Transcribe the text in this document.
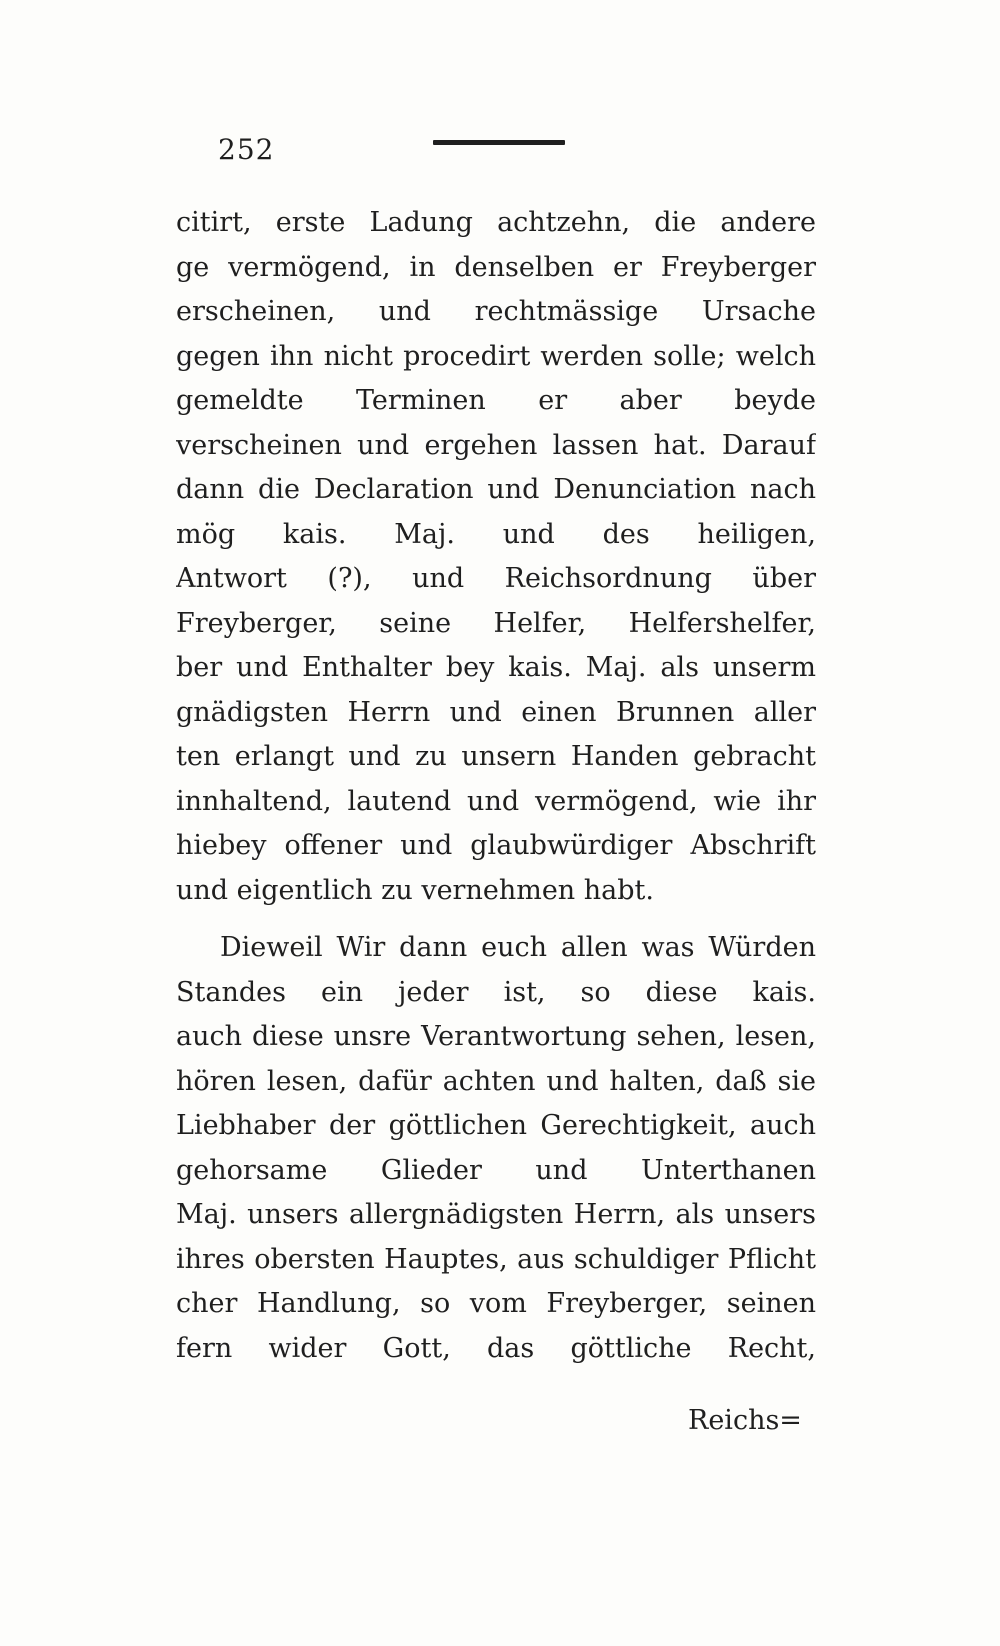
252
citirt, erste Ladung achtzehn, die andere
ge vermögend, in denselben er Freyberger
erscheinen, und rechtmässige Ursache
gegen ihn nicht procedirt werden solle; welch
gemeldte Terminen er aber beyde
verscheinen und ergehen lassen hat. Darauf
dann die Declaration und Denunciation nach
mög kais. Maj. und des heiligen,
Antwort (?), und Reichsordnung über
Freyberger, seine Helfer, Helfershelfer,
ber und Enthalter bey kais. Maj. als unserm
gnädigsten Herrn und einen Brunnen aller
ten erlangt und zu unsern Handen gebracht
innhaltend, lautend und vermögend, wie ihr
hiebey offener und glaubwürdiger Abschrift
und eigentlich zu vernehmen habt.
Dieweil Wir dann euch allen was Würden
Standes ein jeder ist, so diese kais.
auch diese unsre Verantwortung sehen, lesen,
hören lesen, dafür achten und halten, daß sie
Liebhaber der göttlichen Gerechtigkeit, auch
gehorsame Glieder und Unterthanen
Maj. unsers allergnädigsten Herrn, als unsers
ihres obersten Hauptes, aus schuldiger Pflicht
cher Handlung, so vom Freyberger, seinen
fern wider Gott, das göttliche Recht,
Reichs=
